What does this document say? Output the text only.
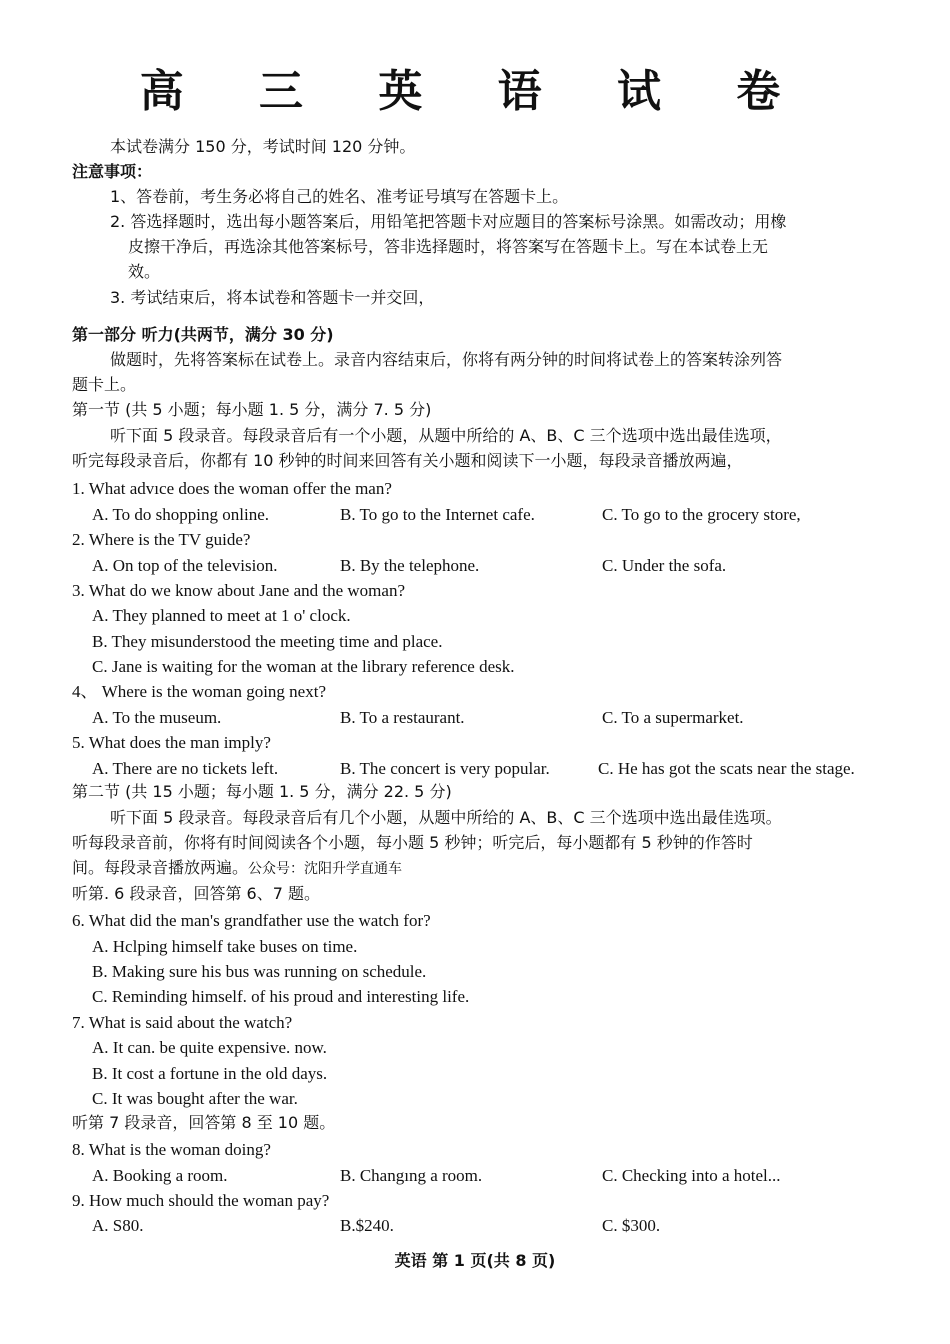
高 三 英 语 试 卷
本试卷满分 150 分，考试时间 120 分钟。
注意事项：
1、答卷前，考生务必将自己的姓名、准考证号填写在答题卡上。
2. 答选择题时，选出每小题答案后，用铅笔把答题卡对应题目的答案标号涂黑。如需改动；用橡
皮擦干净后，再选涂其他答案标号，答非选择题时，将答案写在答题卡上。写在本试卷上无
效。
3. 考试结束后，将本试卷和答题卡一并交回，
第一部分 听力(共两节，满分 30 分)
做题时，先将答案标在试卷上。录音内容结束后，你将有两分钟的时间将试卷上的答案转涂列答
题卡上。
第一节 (共 5 小题；每小题 1. 5 分，满分 7. 5 分)
听下面 5 段录音。每段录音后有一个小题，从题中所给的 A、B、C 三个选项中选出最佳选项，
听完每段录音后，你都有 10 秒钟的时间来回答有关小题和阅读下一小题，每段录音播放两遍，
1. What advıce does the woman offer the man?
A. To do shopping online.	B. To go to the Internet cafe.	C. To go to the grocery store,
2. Where is the TV guide?
A. On top of the television.	B. By the telephone.	C. Under the sofa.
3. What do we know about Jane and the woman?
A. They planned to meet at 1 o' clock.
B. They misunderstood the meeting time and place.
C. Jane is waiting for the woman at the library reference desk.
4、 Where is the woman going next?
A. To the museum.	B. To a restaurant.	C. To a supermarket.
5. What does the man imply?
A. There are no tickets left.	B. The concert is very popular.	C. He has got the scats near the stage.
第二节 (共 15 小题；每小题 1. 5 分，满分 22. 5 分)
听下面 5 段录音。每段录音后有几个小题，从题中所给的 A、B、C 三个选项中选出最佳选项。
听每段录音前，你将有时间阅读各个小题，每小题 5 秒钟；听完后，每小题都有 5 秒钟的作答时
间。每段录音播放两遍。公众号：沈阳升学直通车
听第. 6 段录音，回答第 6、7 题。
6. What did the man's grandfather use the watch for?
A. Hclping himself take buses on time.
B. Making sure his bus was running on schedule.
C. Reminding himself. of his proud and interesting life.
7. What is said about the watch?
A. It can. be quite expensive. now.
B. It cost a fortune in the old days.
C. It was bought after the war.
听第 7 段录音，回答第 8 至 10 题。
8. What is the woman doing?
A. Booking a room.	B. Changıng a room.	C. Checking into a hotel...
9. How much should the woman pay?
A. S80.	B.$240.	C. $300.
英语 第 1 页(共 8 页)
